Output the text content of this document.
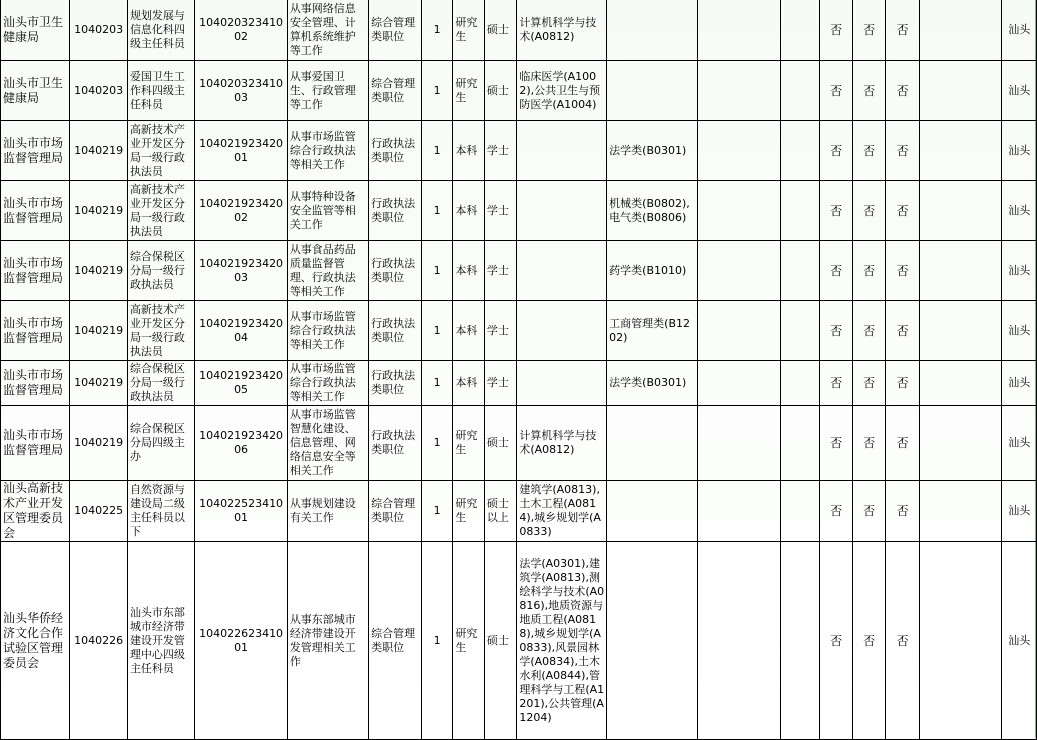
汕头市卫生健康局	1040203	规划发展与信息化科四级主任科员	10402032341002	从事网络信息安全管理、计算机系统维护等工作	综合管理类职位	1	研究生	硕士	计算机科学与技术(A0812)				否	否	否		汕头
汕头市卫生健康局	1040203	爱国卫生工作科四级主任科员	10402032341003	从事爱国卫生、行政管理等工作	综合管理类职位	1	研究生	硕士	临床医学(A1002),公共卫生与预防医学(A1004)				否	否	否		汕头
汕头市市场监督管理局	1040219	高新技术产业开发区分局一级行政执法员	10402192342001	从事市场监管综合行政执法等相关工作	行政执法类职位	1	本科	学士		法学类(B0301)			否	否	否		汕头
汕头市市场监督管理局	1040219	高新技术产业开发区分局一级行政执法员	10402192342002	从事特种设备安全监管等相关工作	行政执法类职位	1	本科	学士		机械类(B0802),电气类(B0806)			否	否	否		汕头
汕头市市场监督管理局	1040219	综合保税区分局一级行政执法员	10402192342003	从事食品药品质量监督管理、行政执法等相关工作	行政执法类职位	1	本科	学士		药学类(B1010)			否	否	否		汕头
汕头市市场监督管理局	1040219	高新技术产业开发区分局一级行政执法员	10402192342004	从事市场监管综合行政执法等相关工作	行政执法类职位	1	本科	学士		工商管理类(B1202)			否	否	否		汕头
汕头市市场监督管理局	1040219	综合保税区分局一级行政执法员	10402192342005	从事市场监管综合行政执法等相关工作	行政执法类职位	1	本科	学士		法学类(B0301)			否	否	否		汕头
汕头市市场监督管理局	1040219	综合保税区分局四级主办	10402192342006	从事市场监管智慧化建设、信息管理、网络信息安全等相关工作	行政执法类职位	1	研究生	硕士	计算机科学与技术(A0812)				否	否	否		汕头
汕头高新技术产业开发区管理委员会	1040225	自然资源与建设局二级主任科员以下	10402252341001	从事规划建设有关工作	综合管理类职位	1	研究生	硕士以上	建筑学(A0813),土木工程(A0814),城乡规划学(A0833)				否	否	否		汕头
汕头华侨经济文化合作试验区管理委员会	1040226	汕头市东部城市经济带建设开发管理中心四级主任科员	10402262341001	从事东部城市经济带建设开发管理相关工作	综合管理类职位	1	研究生	硕士	法学(A0301),建筑学(A0813),测绘科学与技术(A0816),地质资源与地质工程(A0818),城乡规划学(A0833),风景园林学(A0834),土木水利(A0844),管理科学与工程(A1201),公共管理(A1204)				否	否	否		汕头
